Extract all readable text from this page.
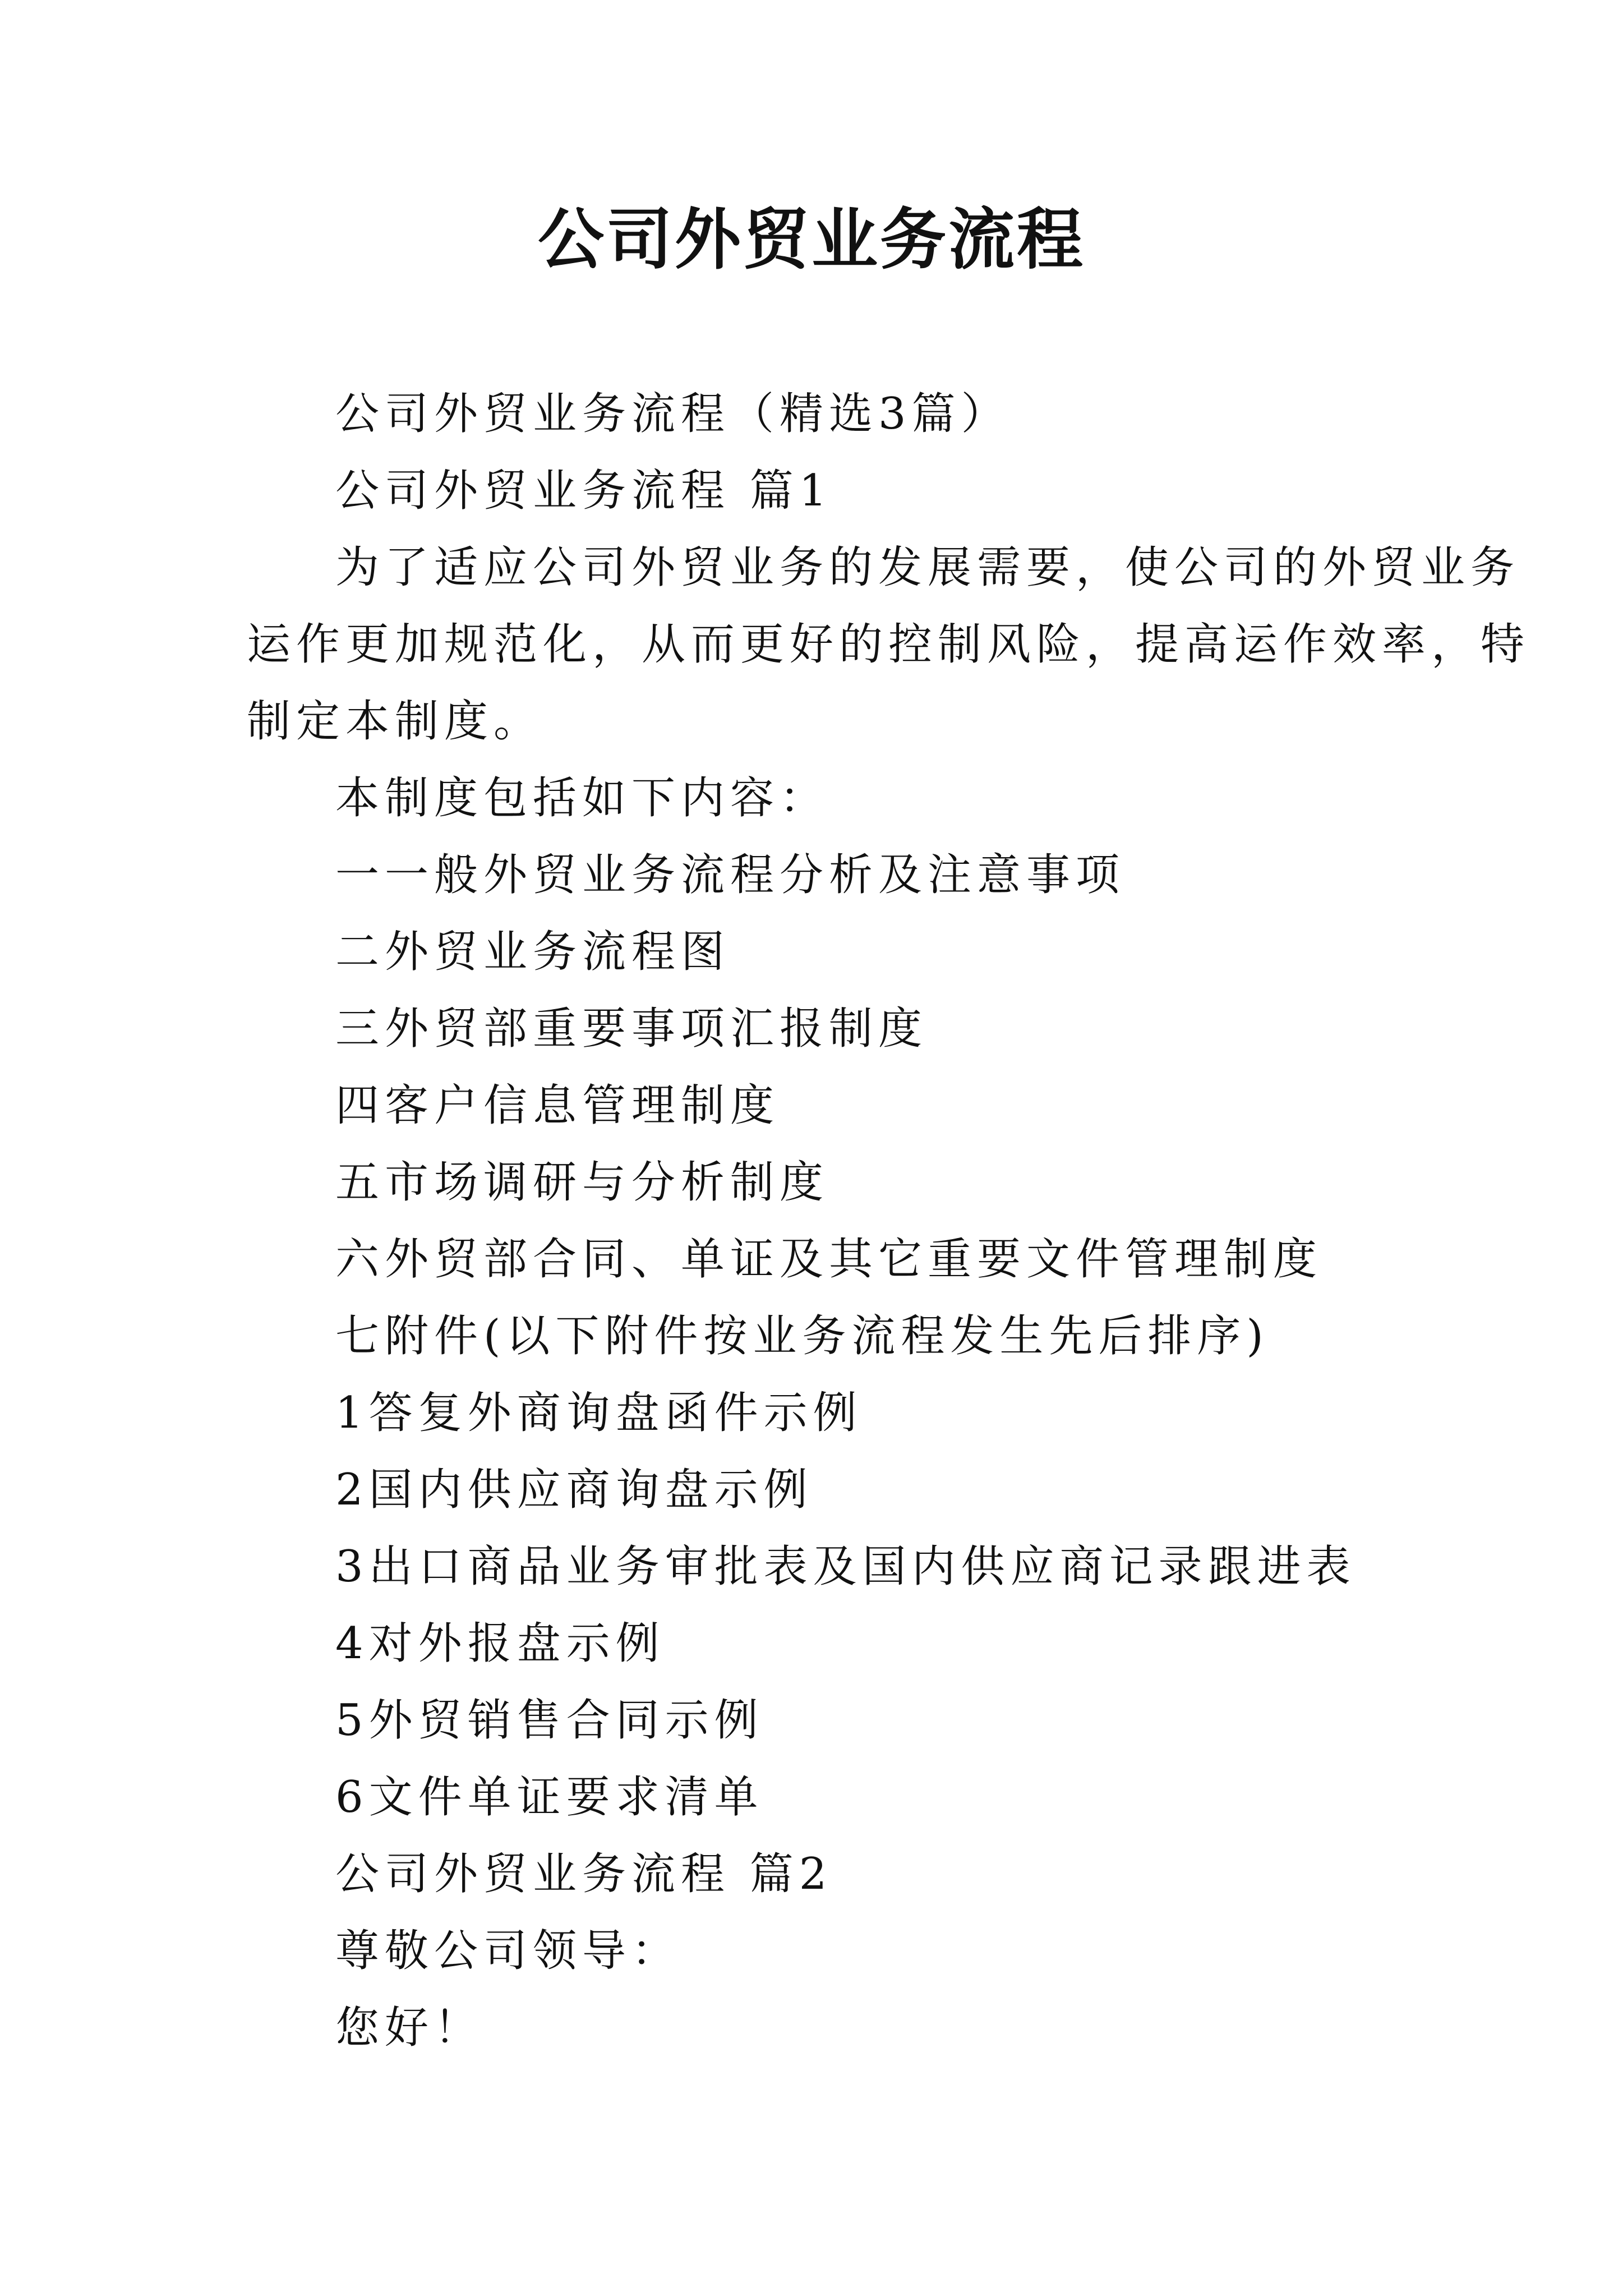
公司外贸业务流程

公司外贸业务流程（精选3篇）

公司外贸业务流程 篇1

为了适应公司外贸业务的发展需要，使公司的外贸业务

运作更加规范化，从而更好的控制风险，提高运作效率，特

制定本制度。

本制度包括如下内容：

一一般外贸业务流程分析及注意事项

二外贸业务流程图

三外贸部重要事项汇报制度

四客户信息管理制度

五市场调研与分析制度

六外贸部合同、单证及其它重要文件管理制度

七附件(以下附件按业务流程发生先后排序)

1答复外商询盘函件示例

2国内供应商询盘示例

3出口商品业务审批表及国内供应商记录跟进表

4对外报盘示例

5外贸销售合同示例

6文件单证要求清单

公司外贸业务流程 篇2

尊敬公司领导：

您好！
